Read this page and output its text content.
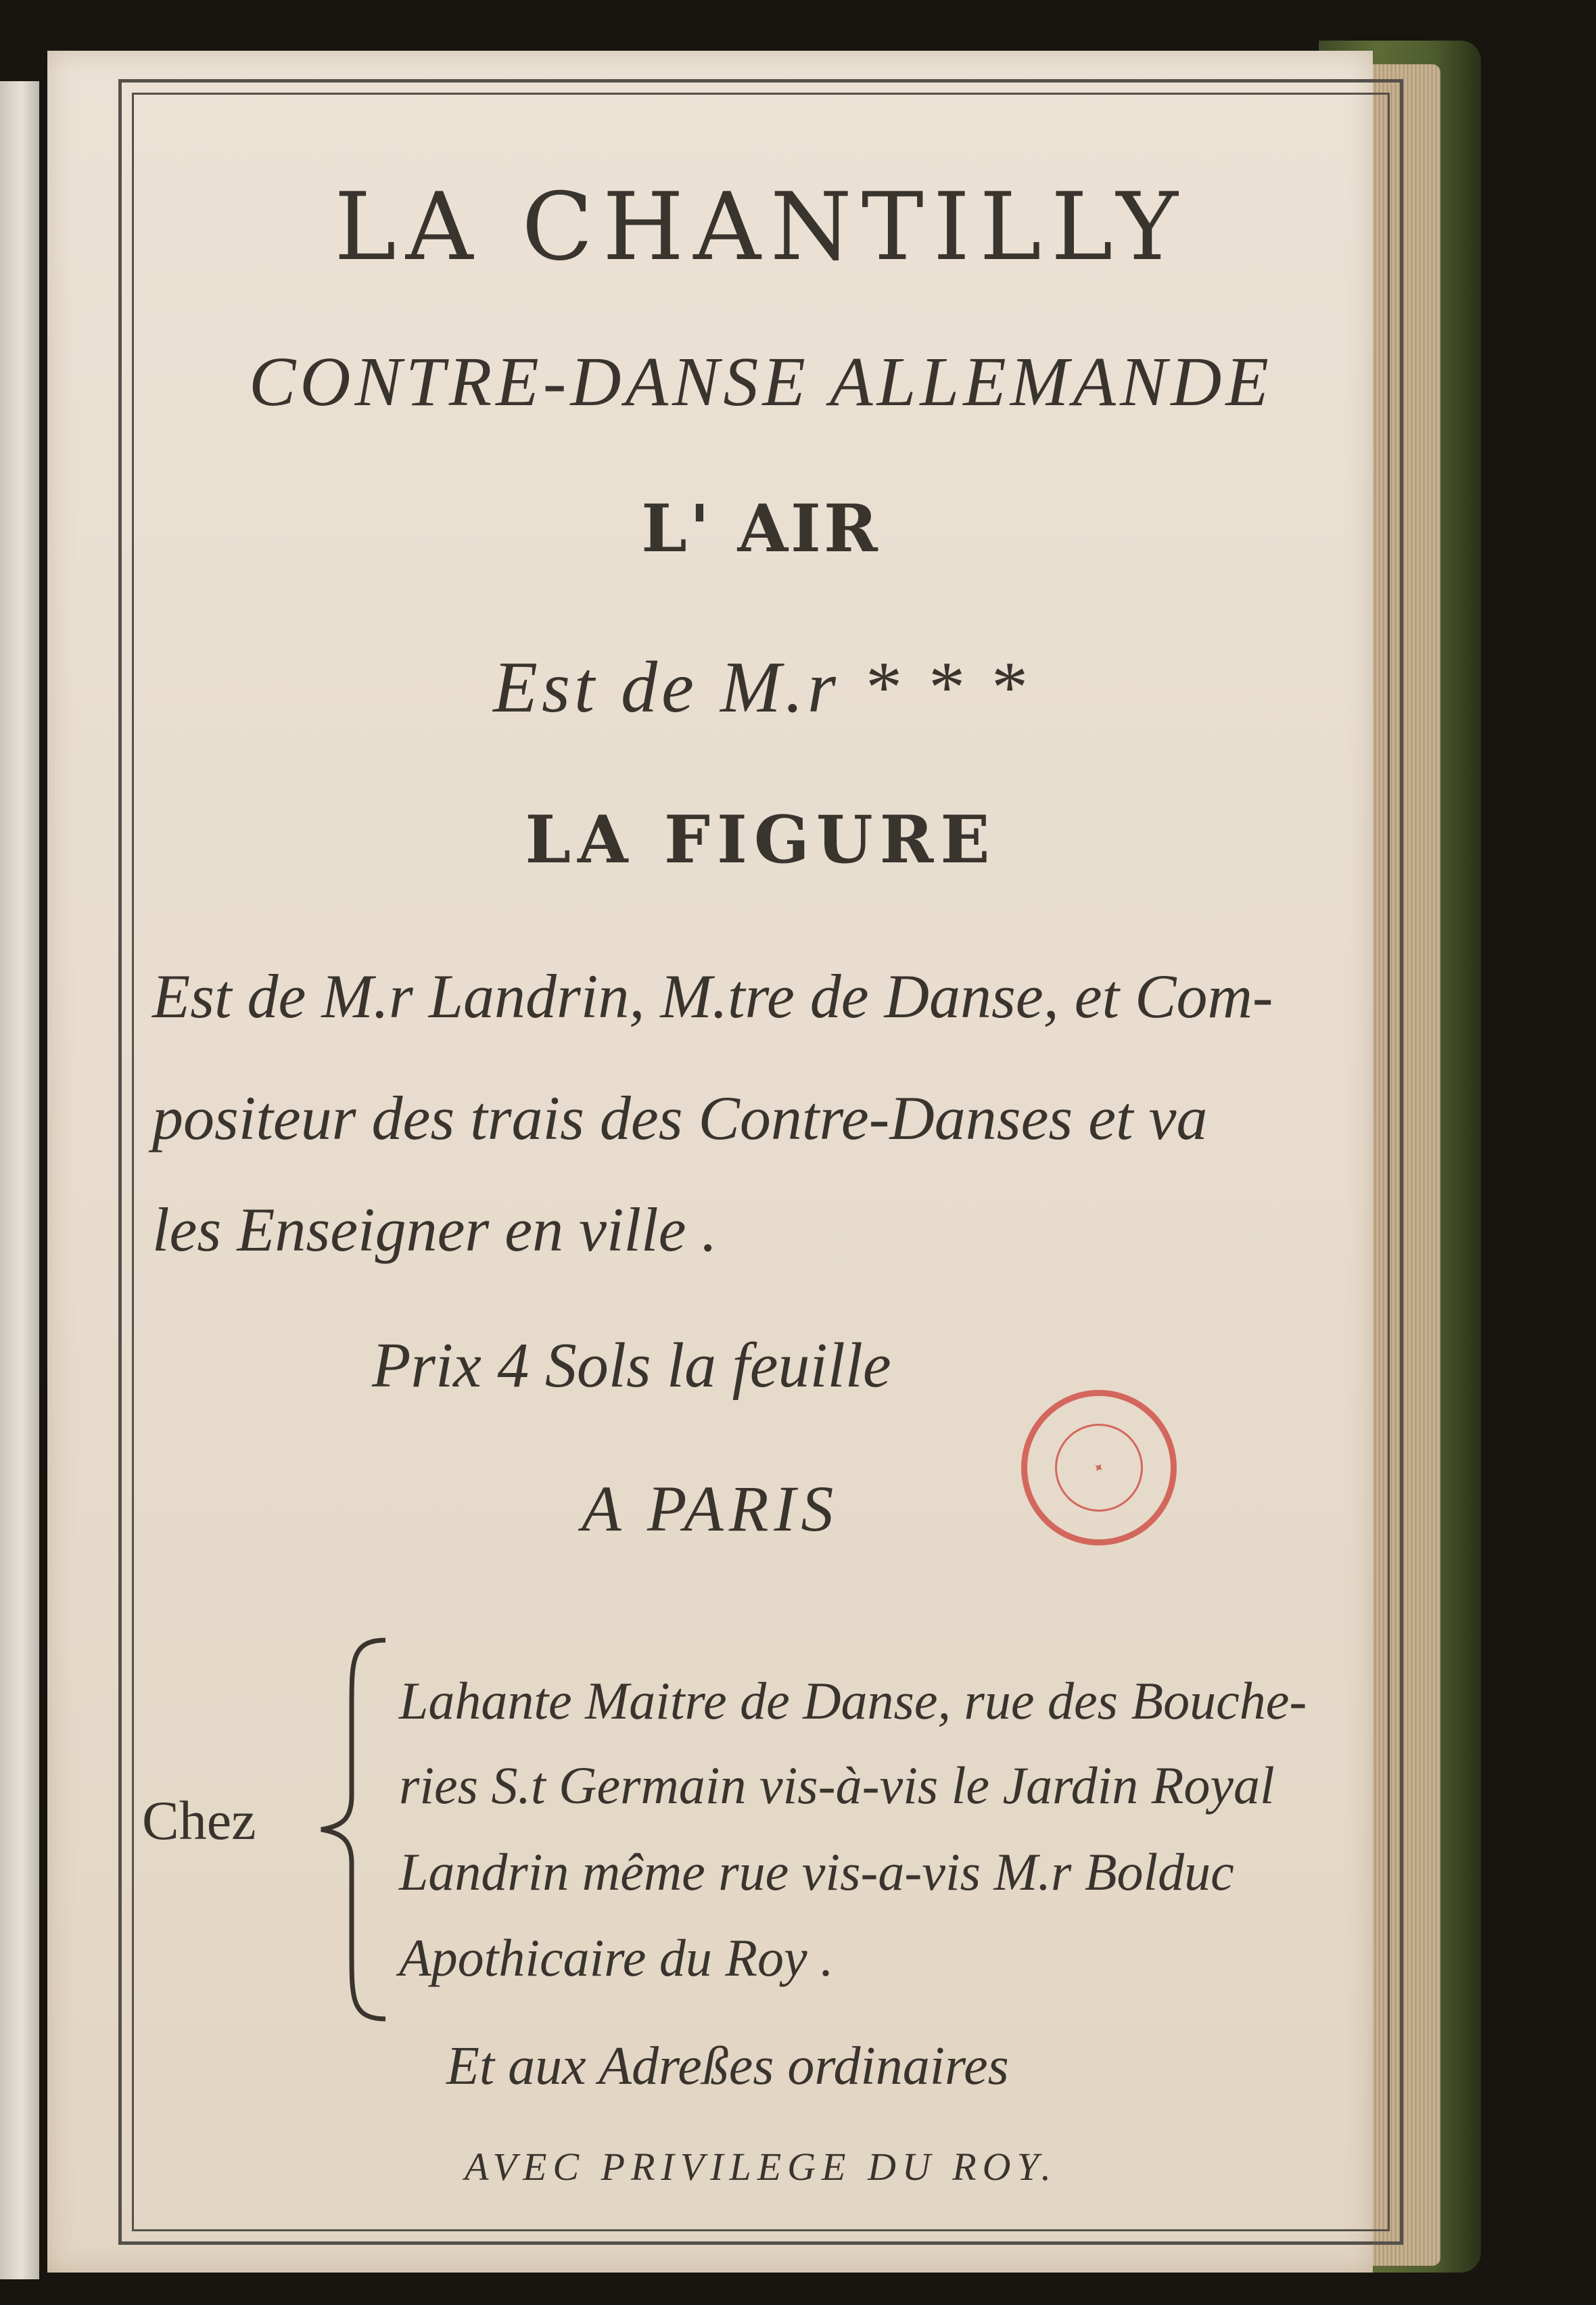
LA CHANTILLY
CONTRE-DANSE ALLEMANDE
L' AIR
Est de M.r * * *
LA FIGURE
Est de M.r Landrin, M.tre de Danse, et Com-
positeur des trais des Contre-Danses et va
les Enseigner en ville .
Prix 4 Sols la feuille
A PARIS
✦
Chez
Lahante Maitre de Danse, rue des Bouche-
ries S.t Germain vis-à-vis le Jardin Royal
Landrin même rue vis-a-vis M.r Bolduc
Apothicaire du Roy .
Et aux Adreßes ordinaires
AVEC PRIVILEGE DU ROY.
